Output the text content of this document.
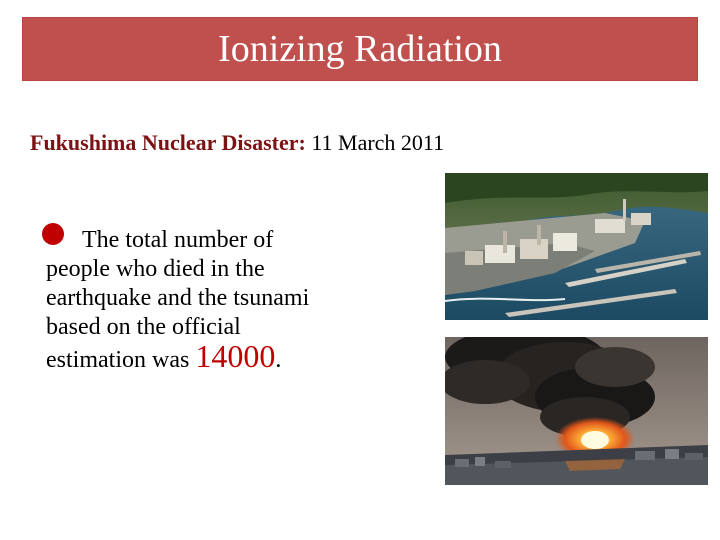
Ionizing Radiation
Fukushima Nuclear Disaster: 11 March 2011
The total number of
people who died in the
earthquake and the tsunami
based on the official
estimation was 14000.
